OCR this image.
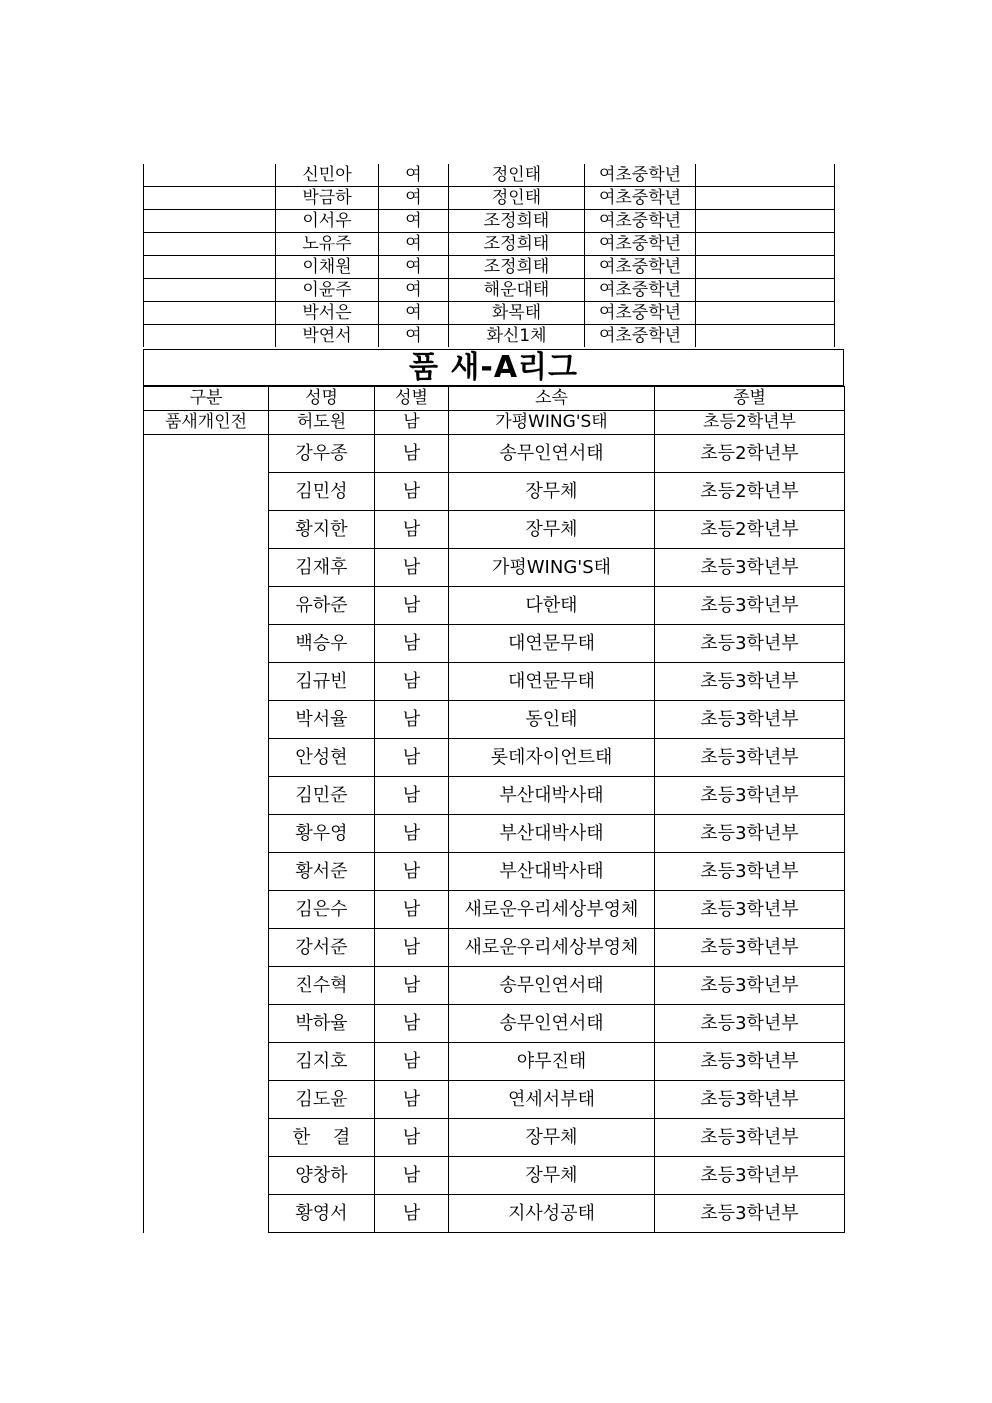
	신민아	여	정인태	여초중학년	
	박금하	여	정인태	여초중학년	
	이서우	여	조정희태	여초중학년	
	노유주	여	조정희태	여초중학년	
	이채원	여	조정희태	여초중학년	
	이윤주	여	해운대태	여초중학년	
	박서은	여	화목태	여초중학년	
	박연서	여	화신1체	여초중학년	
품 새-A리그
구분	성명	성별	소속	종별
품새개인전	허도원	남	가평WING'S태	초등2학년부
	강우종	남	송무인연서태	초등2학년부
	김민성	남	장무체	초등2학년부
	황지한	남	장무체	초등2학년부
	김재후	남	가평WING'S태	초등3학년부
	유하준	남	다한태	초등3학년부
	백승우	남	대연문무태	초등3학년부
	김규빈	남	대연문무태	초등3학년부
	박서율	남	동인태	초등3학년부
	안성현	남	롯데자이언트태	초등3학년부
	김민준	남	부산대박사태	초등3학년부
	황우영	남	부산대박사태	초등3학년부
	황서준	남	부산대박사태	초등3학년부
	김은수	남	새로운우리세상부영체	초등3학년부
	강서준	남	새로운우리세상부영체	초등3학년부
	진수혁	남	송무인연서태	초등3학년부
	박하율	남	송무인연서태	초등3학년부
	김지호	남	야무진태	초등3학년부
	김도윤	남	연세서부태	초등3학년부
	한    결	남	장무체	초등3학년부
	양창하	남	장무체	초등3학년부
	황영서	남	지사성공태	초등3학년부
